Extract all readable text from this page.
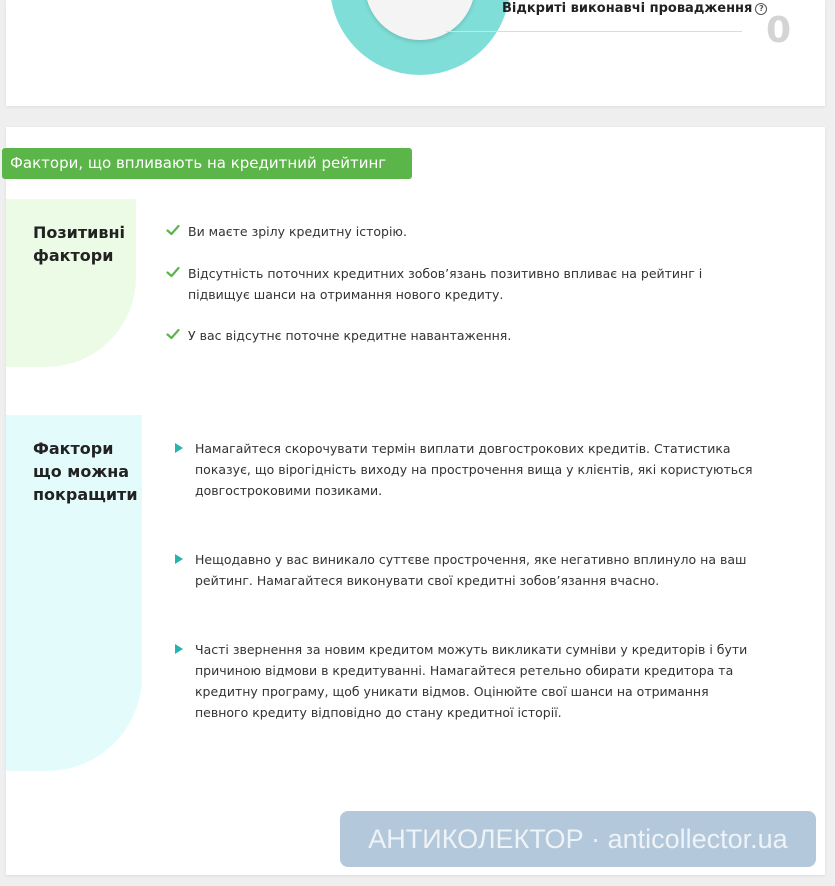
Відкриті виконавчі провадження ?
0
Фактори, що впливають на кредитний рейтинг
Позитивні фактори
Ви маєте зрілу кредитну історію.
Відсутність поточних кредитних зобов’язань позитивно впливає на рейтинг і підвищує шанси на отримання нового кредиту.
У вас відсутнє поточне кредитне навантаження.
Фактори що можна покращити
Намагайтеся скорочувати термін виплати довгострокових кредитів. Статистика показує, що вірогідність виходу на прострочення вища у клієнтів, які користуються довгостроковими позиками.
Нещодавно у вас виникало суттєве прострочення, яке негативно вплинуло на ваш рейтинг. Намагайтеся виконувати свої кредитні зобов’язання вчасно.
Часті звернення за новим кредитом можуть викликати сумніви у кредиторів і бути причиною відмови в кредитуванні. Намагайтеся ретельно обирати кредитора та кредитну програму, щоб уникати відмов. Оцінюйте свої шанси на отримання певного кредиту відповідно до стану кредитної історії.
АНТИКОЛЕКТОР · anticollector.ua
